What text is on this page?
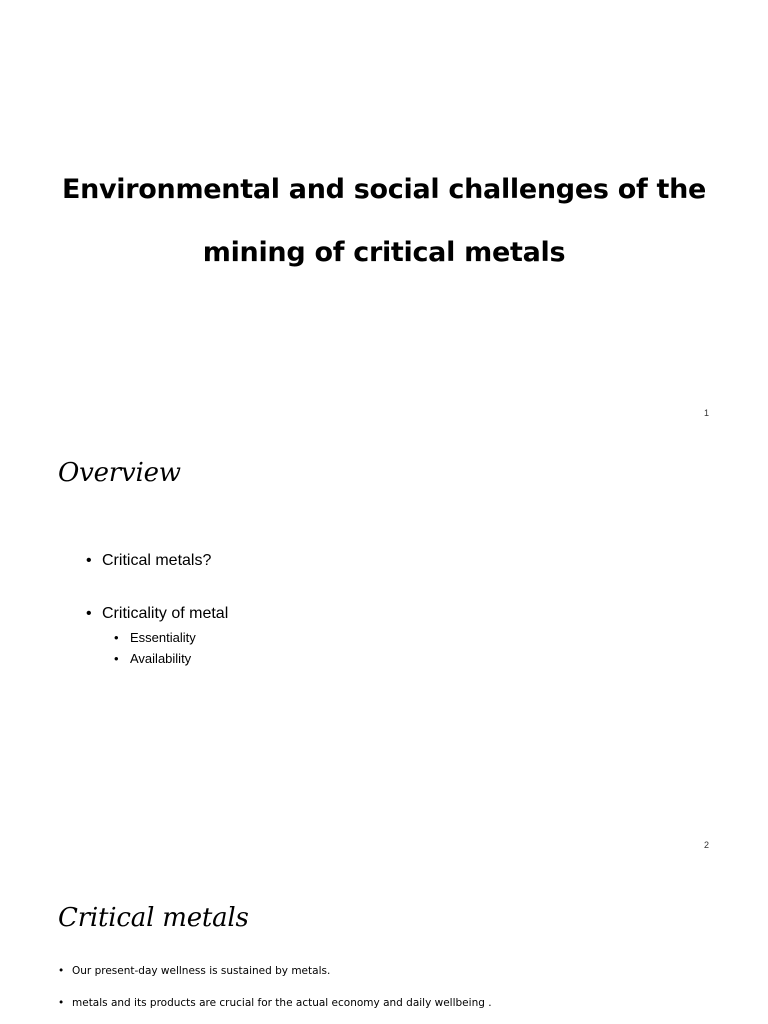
Environmental and social challenges of the
mining of critical metals
1
Overview
• Critical metals?
• Criticality of metal
• Essentiality
• Availability
2
Critical metals
• Our present-day wellness is sustained by metals.
• metals and its products are crucial for the actual economy and daily wellbeing .
